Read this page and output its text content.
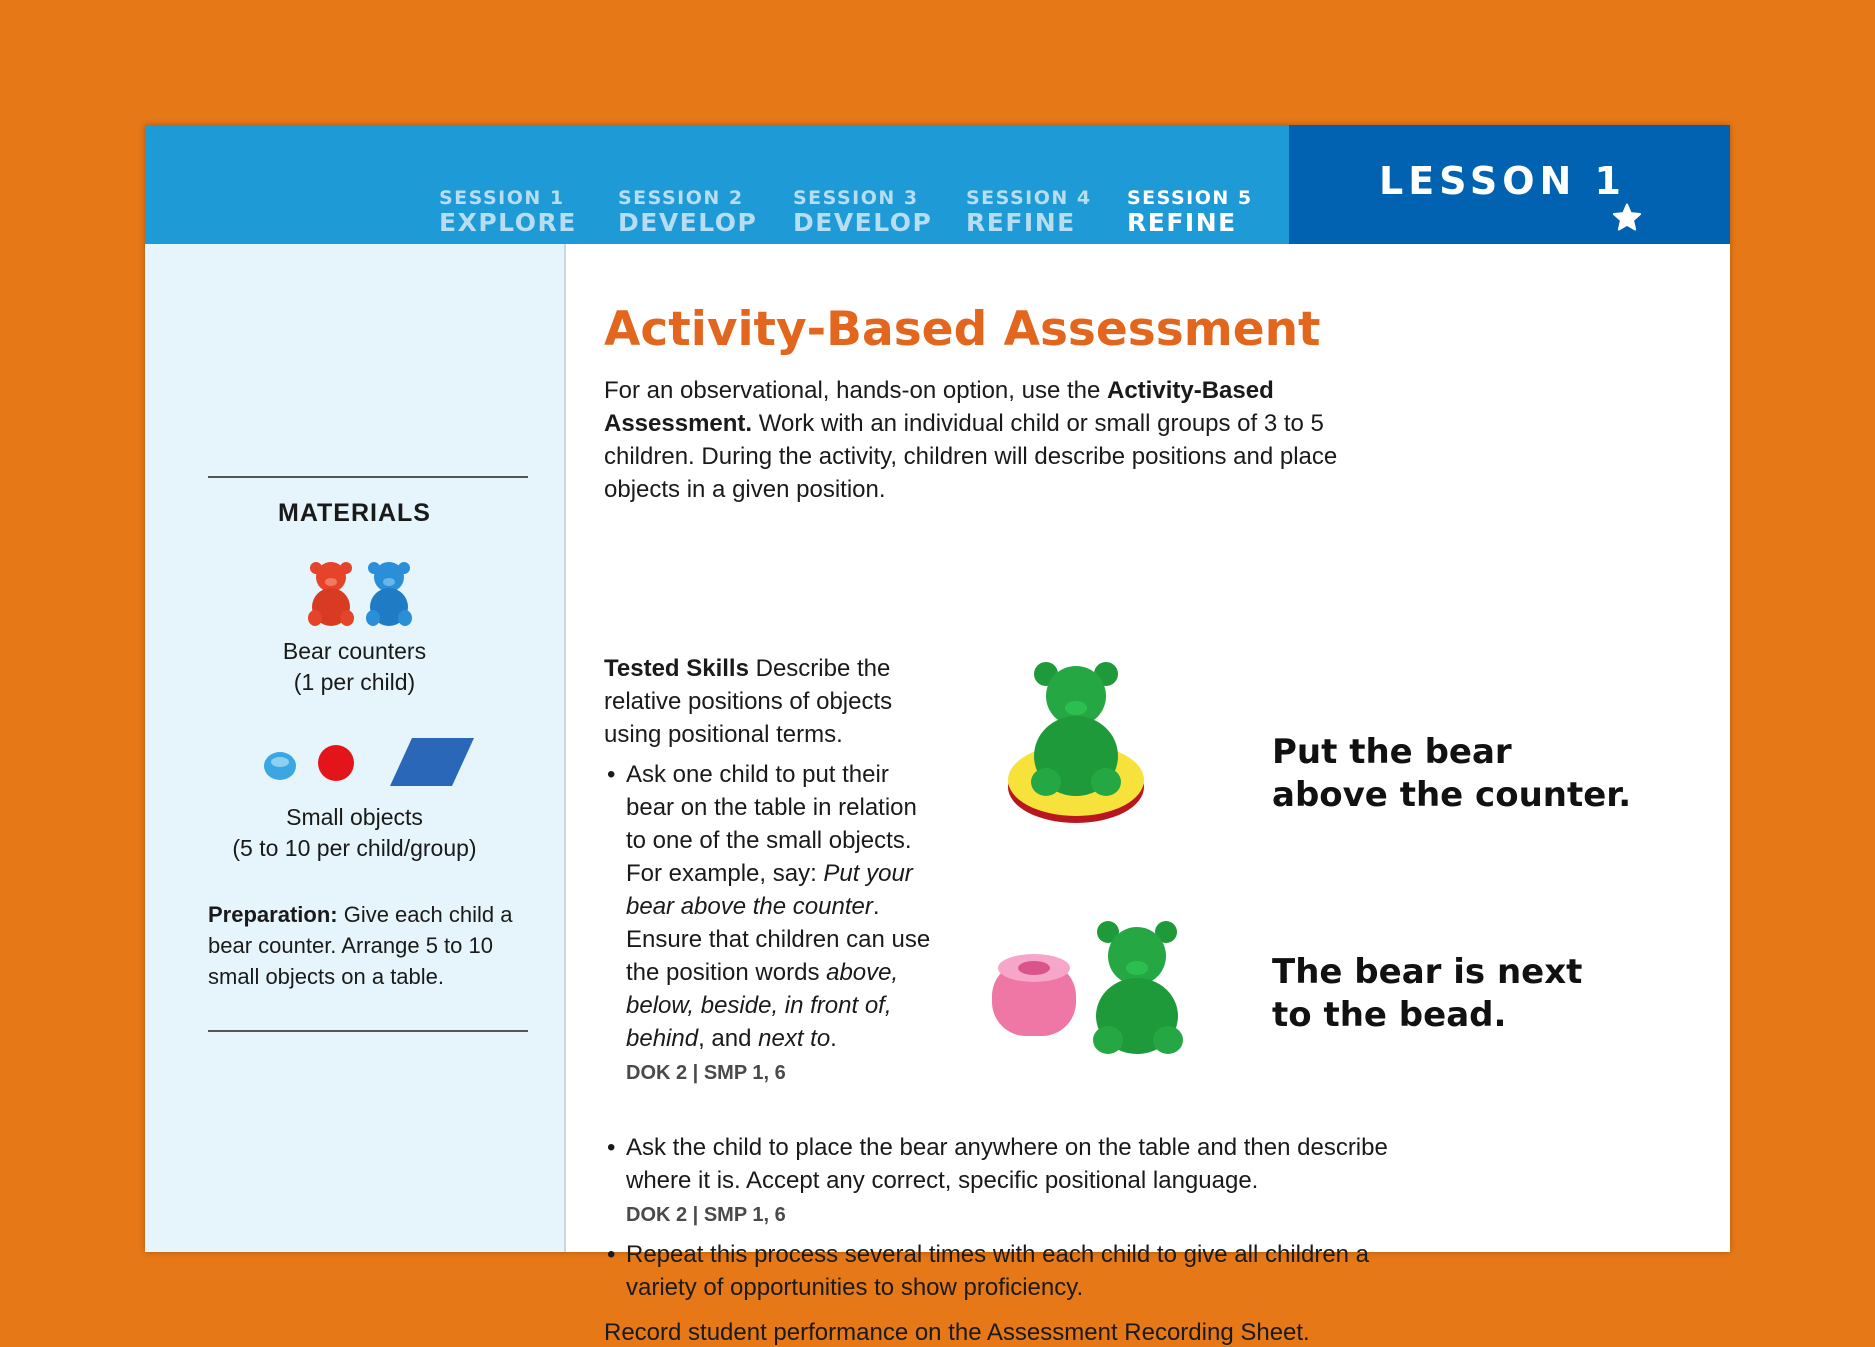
SESSION 1
EXPLORE
SESSION 2
DEVELOP
SESSION 3
DEVELOP
SESSION 4
REFINE
SESSION 5
REFINE
LESSON 1
MATERIALS
Bear counters
(1 per child)
Small objects
(5 to 10 per child/group)
Preparation: Give each child a bear counter. Arrange 5 to 10 small objects on a table.
Activity-Based Assessment
For an observational, hands-on option, use the Activity-Based Assessment. Work with an individual child or small groups of 3 to 5 children. During the activity, children will describe positions and place objects in a given position.
Tested Skills Describe the relative positions of objects using positional terms.
• Ask one child to put their bear on the table in relation to one of the small objects. For example, say: Put your bear above the counter. Ensure that children can use the position words above, below, beside, in front of, behind, and next to.
DOK 2 | SMP 1, 6
• Ask the child to place the bear anywhere on the table and then describe where it is. Accept any correct, specific positional language.
DOK 2 | SMP 1, 6
• Repeat this process several times with each child to give all children a variety of opportunities to show proficiency.
Record student performance on the Assessment Recording Sheet.
Put the bear above the counter.
The bear is next to the bead.
